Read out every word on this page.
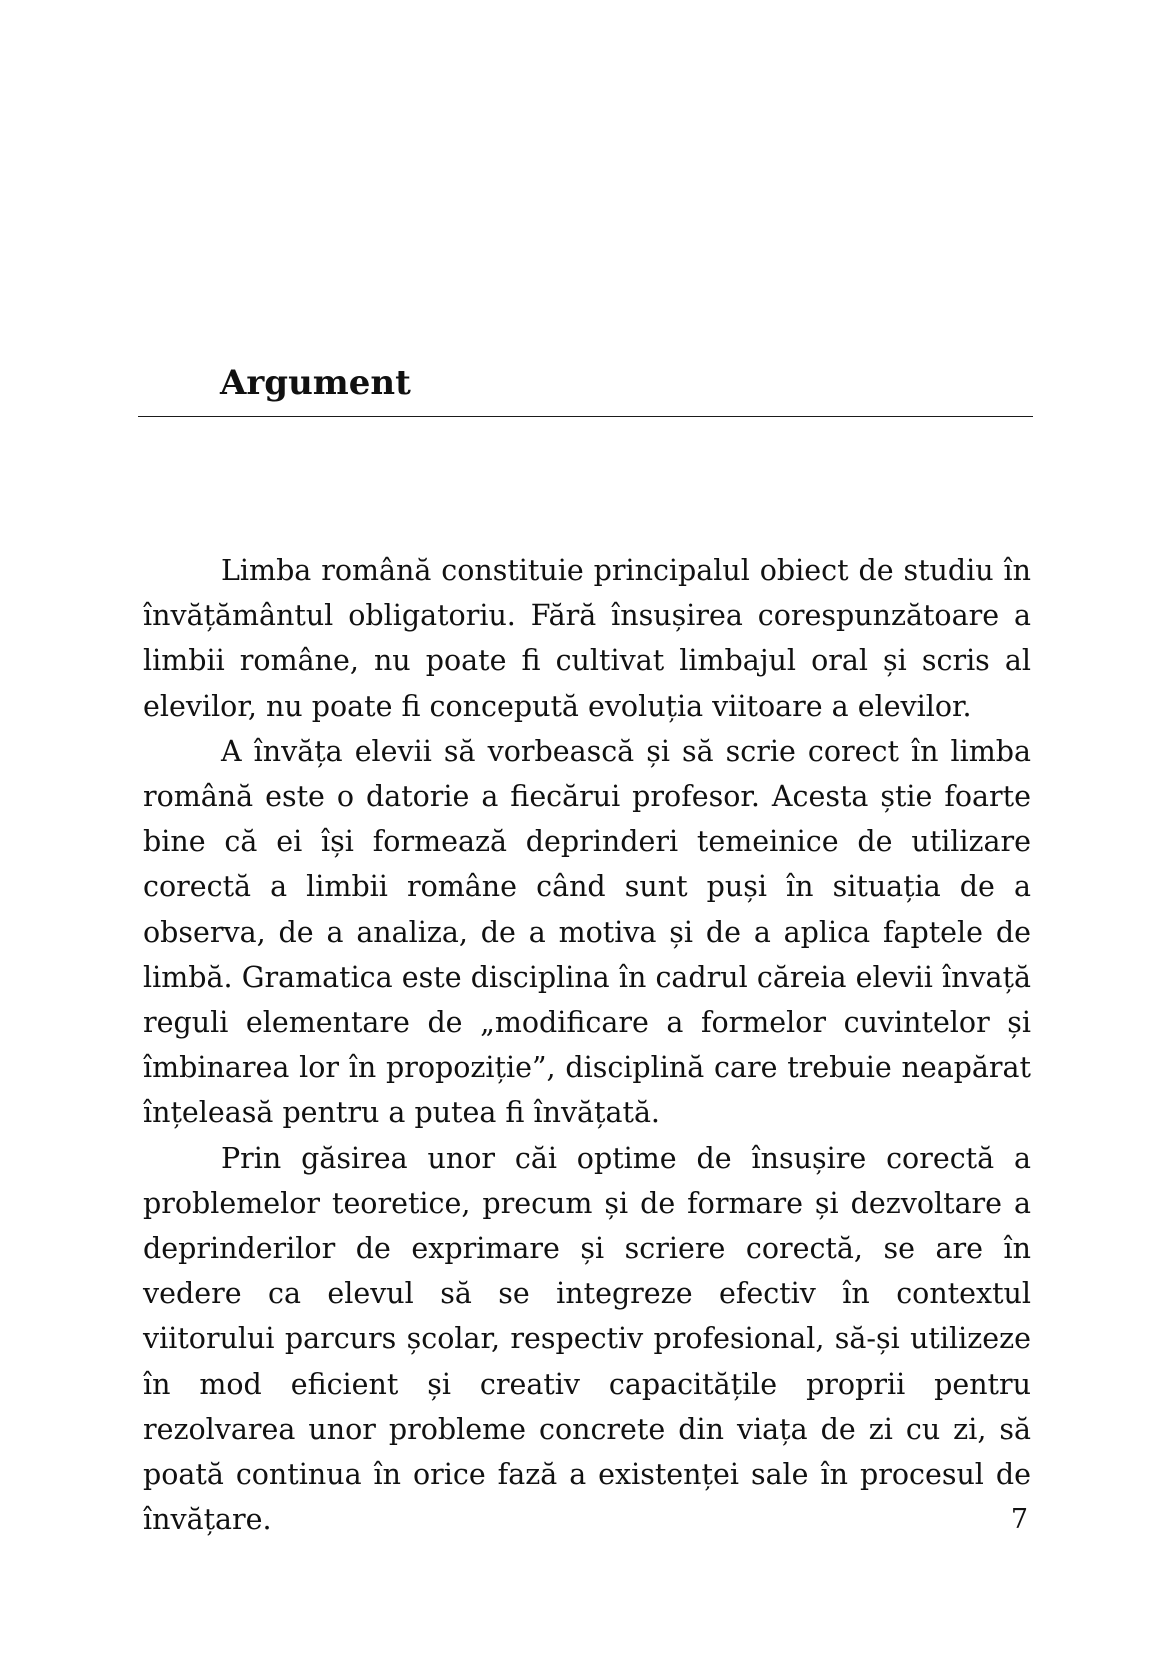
Argument

Limba română constituie principalul obiect de studiu în învățământul obligatoriu. Fără însușirea corespunzătoare a limbii române, nu poate fi cultivat limbajul oral și scris al elevilor, nu poate fi concepută evoluția viitoare a elevilor.

A învăța elevii să vorbească și să scrie corect în limba română este o datorie a fiecărui profesor. Acesta știe foarte bine că ei își formează deprinderi temeinice de utilizare corectă a limbii române când sunt puși în situația de a observa, de a analiza, de a motiva și de a aplica faptele de limbă. Gramatica este disciplina în cadrul căreia elevii învață reguli elementare de „modificare a formelor cuvintelor și îmbinarea lor în propoziție”, disciplină care trebuie neapărat înțeleasă pentru a putea fi învățată.

Prin găsirea unor căi optime de însușire corectă a problemelor teoretice, precum și de formare și dezvoltare a deprinderilor de exprimare și scriere corectă, se are în vedere ca elevul să se integreze efectiv în contextul viitorului parcurs școlar, respectiv profesional, să-și utilizeze în mod eficient și creativ capacitățile proprii pentru rezolvarea unor probleme concrete din viața de zi cu zi, să poată continua în orice fază a existenței sale în procesul de învățare.	7
